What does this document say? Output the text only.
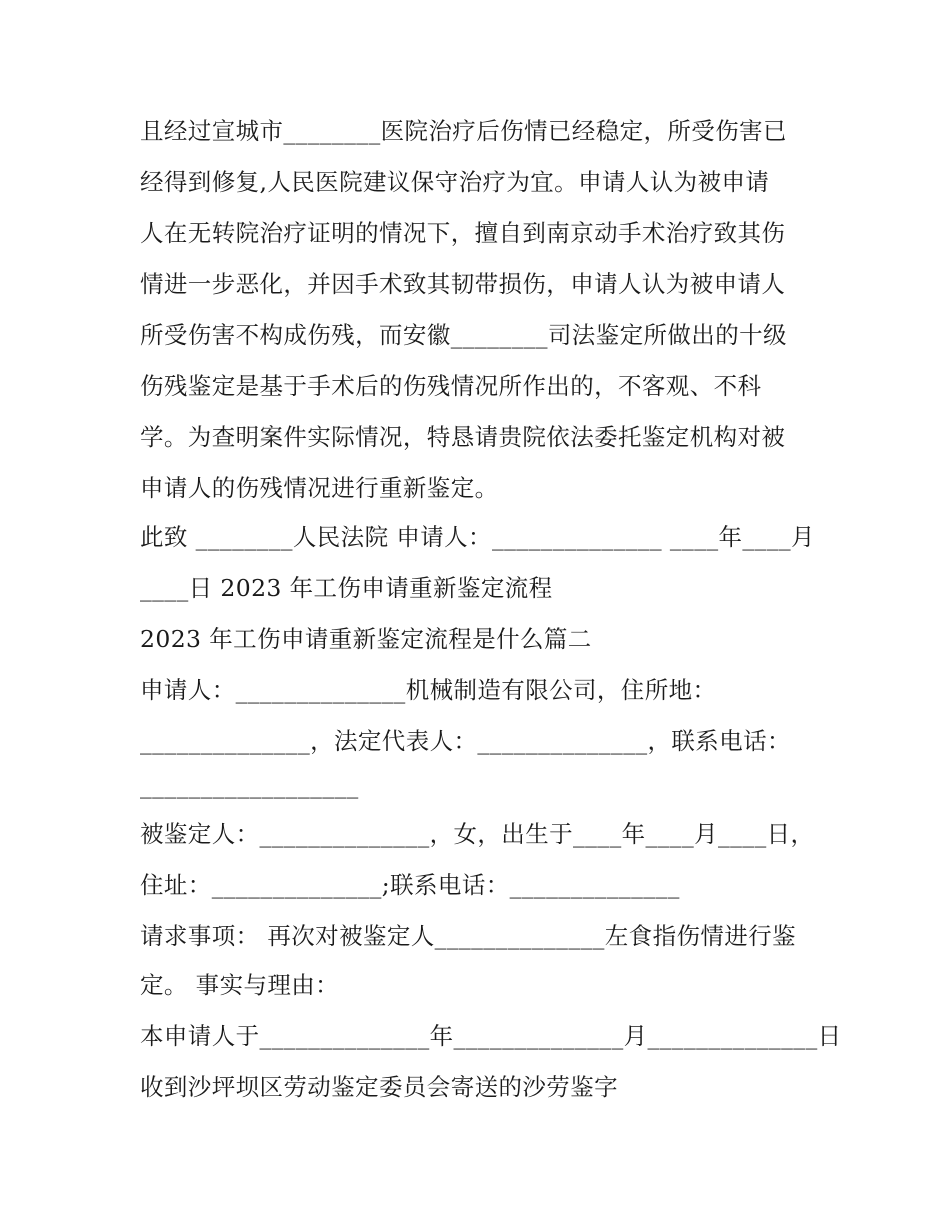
且经过宣城市________医院治疗后伤情已经稳定，所受伤害已
经得到修复,人民医院建议保守治疗为宜。申请人认为被申请
人在无转院治疗证明的情况下，擅自到南京动手术治疗致其伤
情进一步恶化，并因手术致其韧带损伤，申请人认为被申请人
所受伤害不构成伤残，而安徽________司法鉴定所做出的十级
伤残鉴定是基于手术后的伤残情况所作出的，不客观、不科
学。为查明案件实际情况，特恳请贵院依法委托鉴定机构对被
申请人的伤残情况进行重新鉴定。
此致 ________人民法院 申请人：______________ ____年____月
____日 2023 年工伤申请重新鉴定流程
2023 年工伤申请重新鉴定流程是什么篇二
申请人：______________机械制造有限公司，住所地：
______________，法定代表人：______________，联系电话：
__________________
被鉴定人：______________，女，出生于____年____月____日，
住址：______________;联系电话：______________
请求事项： 再次对被鉴定人______________左食指伤情进行鉴
定。 事实与理由：
本申请人于______________年______________月______________日
收到沙坪坝区劳动鉴定委员会寄送的沙劳鉴字
